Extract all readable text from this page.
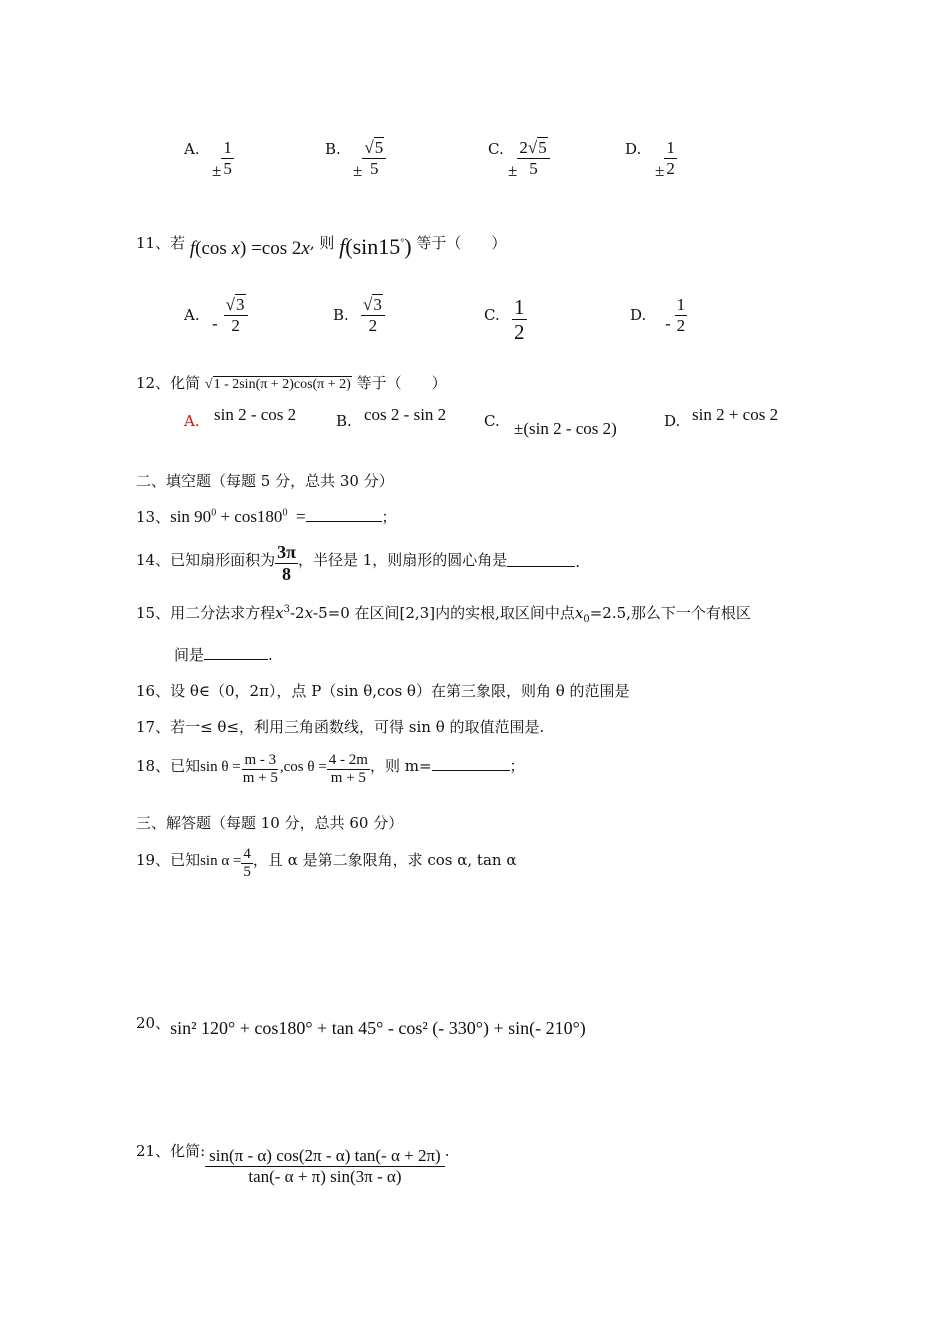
A.
± $\frac{1}{5}$	B.
± $\frac{√5}{5}$	C.
± $\frac{2√5}{5}$	D.
± $\frac{1}{2}$
11、若 f(cos x) =cos 2x, 则 f(sin15°) 等于（　　）
A. - $\frac{√3}{2}$	B. $\frac{√3}{2}$	C. $\frac{1}{2}$	D. - $\frac{1}{2}$
12、化简 √1 - 2sin(π + 2)cos(π + 2) 等于（　　）
A. sin 2 - cos 2	B. cos 2 - sin 2	C. ±(sin 2 - cos 2)	D. sin 2 + cos 2
二、填空题（每题 5 分，总共 30 分）
13、$\sin 90^0 + \cos 180^0$ =	；
14、已知扇形面积为 $\frac{3\pi}{8}$ ，半径是 1，则扇形的圆心角是	.
15、用二分法求方程$x^3-2x-5=0$ 在区间[2,3]内的实根,取区间中点$x_0=2.5$,那么下一个有根区
间是	.
16、设 θ∈（0，2π），点 P（sin θ,cos θ）在第三象限，则角 θ 的范围是
17、若一≤ θ≤，利用三角函数线，可得 sin θ 的取值范围是.
18、已知$\sin \theta = \frac{m - 3}{m + 5} ,\cos$ $\theta = \frac{4 - 2m}{m + 5}$ ，则 m=	；
三、解答题（每题 10 分，总共 60 分）
19、已知$\sin \alpha = \frac{4}{5}$ ，且 α 是第二象限角，求 cos α, tan α
20、sin² 120° + cos180° + tan 45° - cos² (- 330°) + sin(- 210°)
21、化简: $\frac{\sin(\pi - \alpha) \cos(2\pi - \alpha) \tan(- \alpha + 2\pi)}{\tan(- \alpha + \pi) \sin(3\pi - \alpha)}$ .
